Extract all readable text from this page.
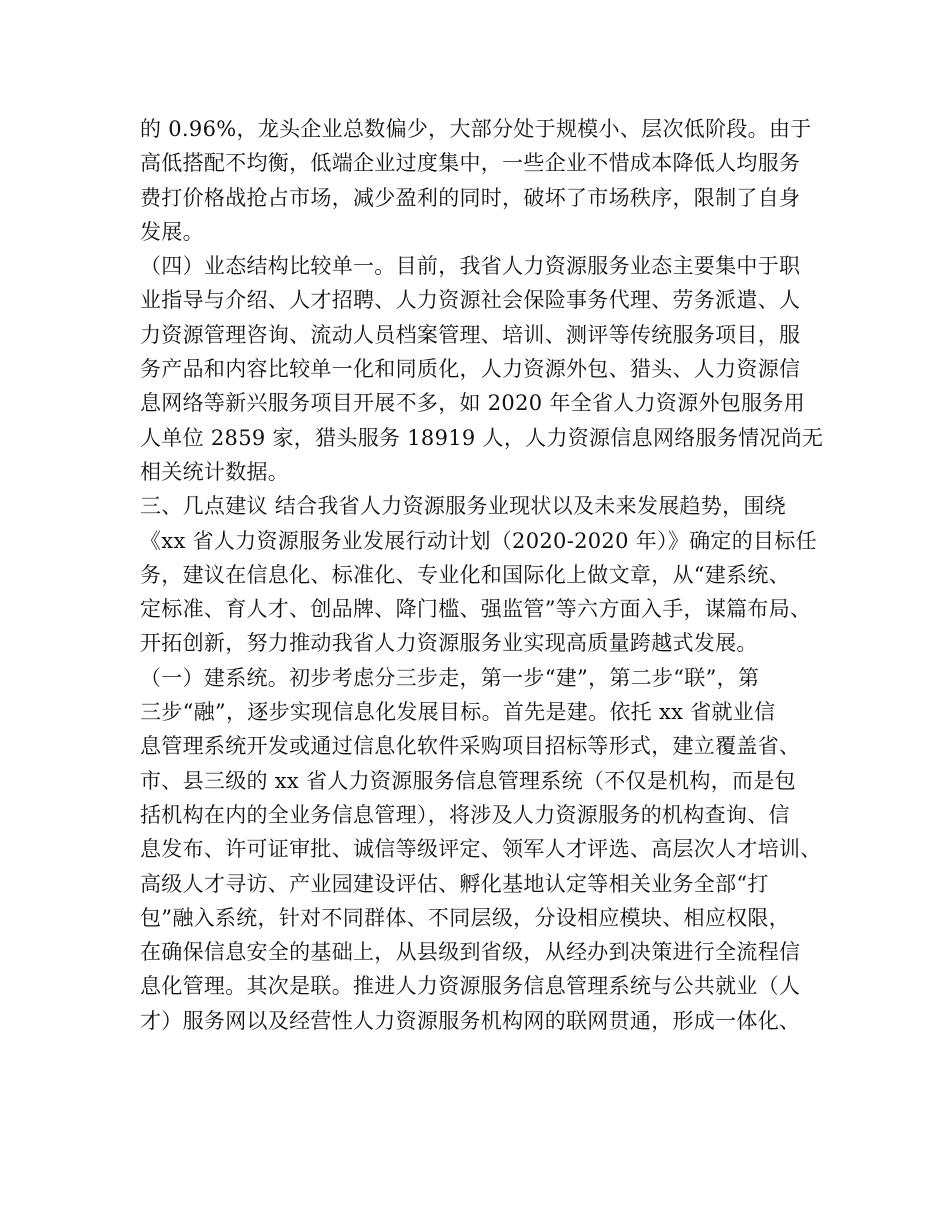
的 0.96%，龙头企业总数偏少，大部分处于规模小、层次低阶段。由于
高低搭配不均衡，低端企业过度集中，一些企业不惜成本降低人均服务
费打价格战抢占市场，减少盈利的同时，破坏了市场秩序，限制了自身
发展。
（四）业态结构比较单一。目前，我省人力资源服务业态主要集中于职
业指导与介绍、人才招聘、人力资源社会保险事务代理、劳务派遣、人
力资源管理咨询、流动人员档案管理、培训、测评等传统服务项目，服
务产品和内容比较单一化和同质化，人力资源外包、猎头、人力资源信
息网络等新兴服务项目开展不多，如 2020 年全省人力资源外包服务用
人单位 2859 家，猎头服务 18919 人，人力资源信息网络服务情况尚无
相关统计数据。
三、几点建议 结合我省人力资源服务业现状以及未来发展趋势，围绕
《xx 省人力资源服务业发展行动计划（2020-2020 年）》确定的目标任
务，建议在信息化、标准化、专业化和国际化上做文章，从“建系统、
定标准、育人才、创品牌、降门槛、强监管”等六方面入手，谋篇布局、
开拓创新，努力推动我省人力资源服务业实现高质量跨越式发展。
（一）建系统。初步考虑分三步走，第一步“建”，第二步“联”，第
三步“融”，逐步实现信息化发展目标。首先是建。依托 xx 省就业信
息管理系统开发或通过信息化软件采购项目招标等形式，建立覆盖省、
市、县三级的 xx 省人力资源服务信息管理系统（不仅是机构，而是包
括机构在内的全业务信息管理），将涉及人力资源服务的机构查询、信
息发布、许可证审批、诚信等级评定、领军人才评选、高层次人才培训、
高级人才寻访、产业园建设评估、孵化基地认定等相关业务全部“打
包”融入系统，针对不同群体、不同层级，分设相应模块、相应权限，
在确保信息安全的基础上，从县级到省级，从经办到决策进行全流程信
息化管理。其次是联。推进人力资源服务信息管理系统与公共就业（人
才）服务网以及经营性人力资源服务机构网的联网贯通，形成一体化、
